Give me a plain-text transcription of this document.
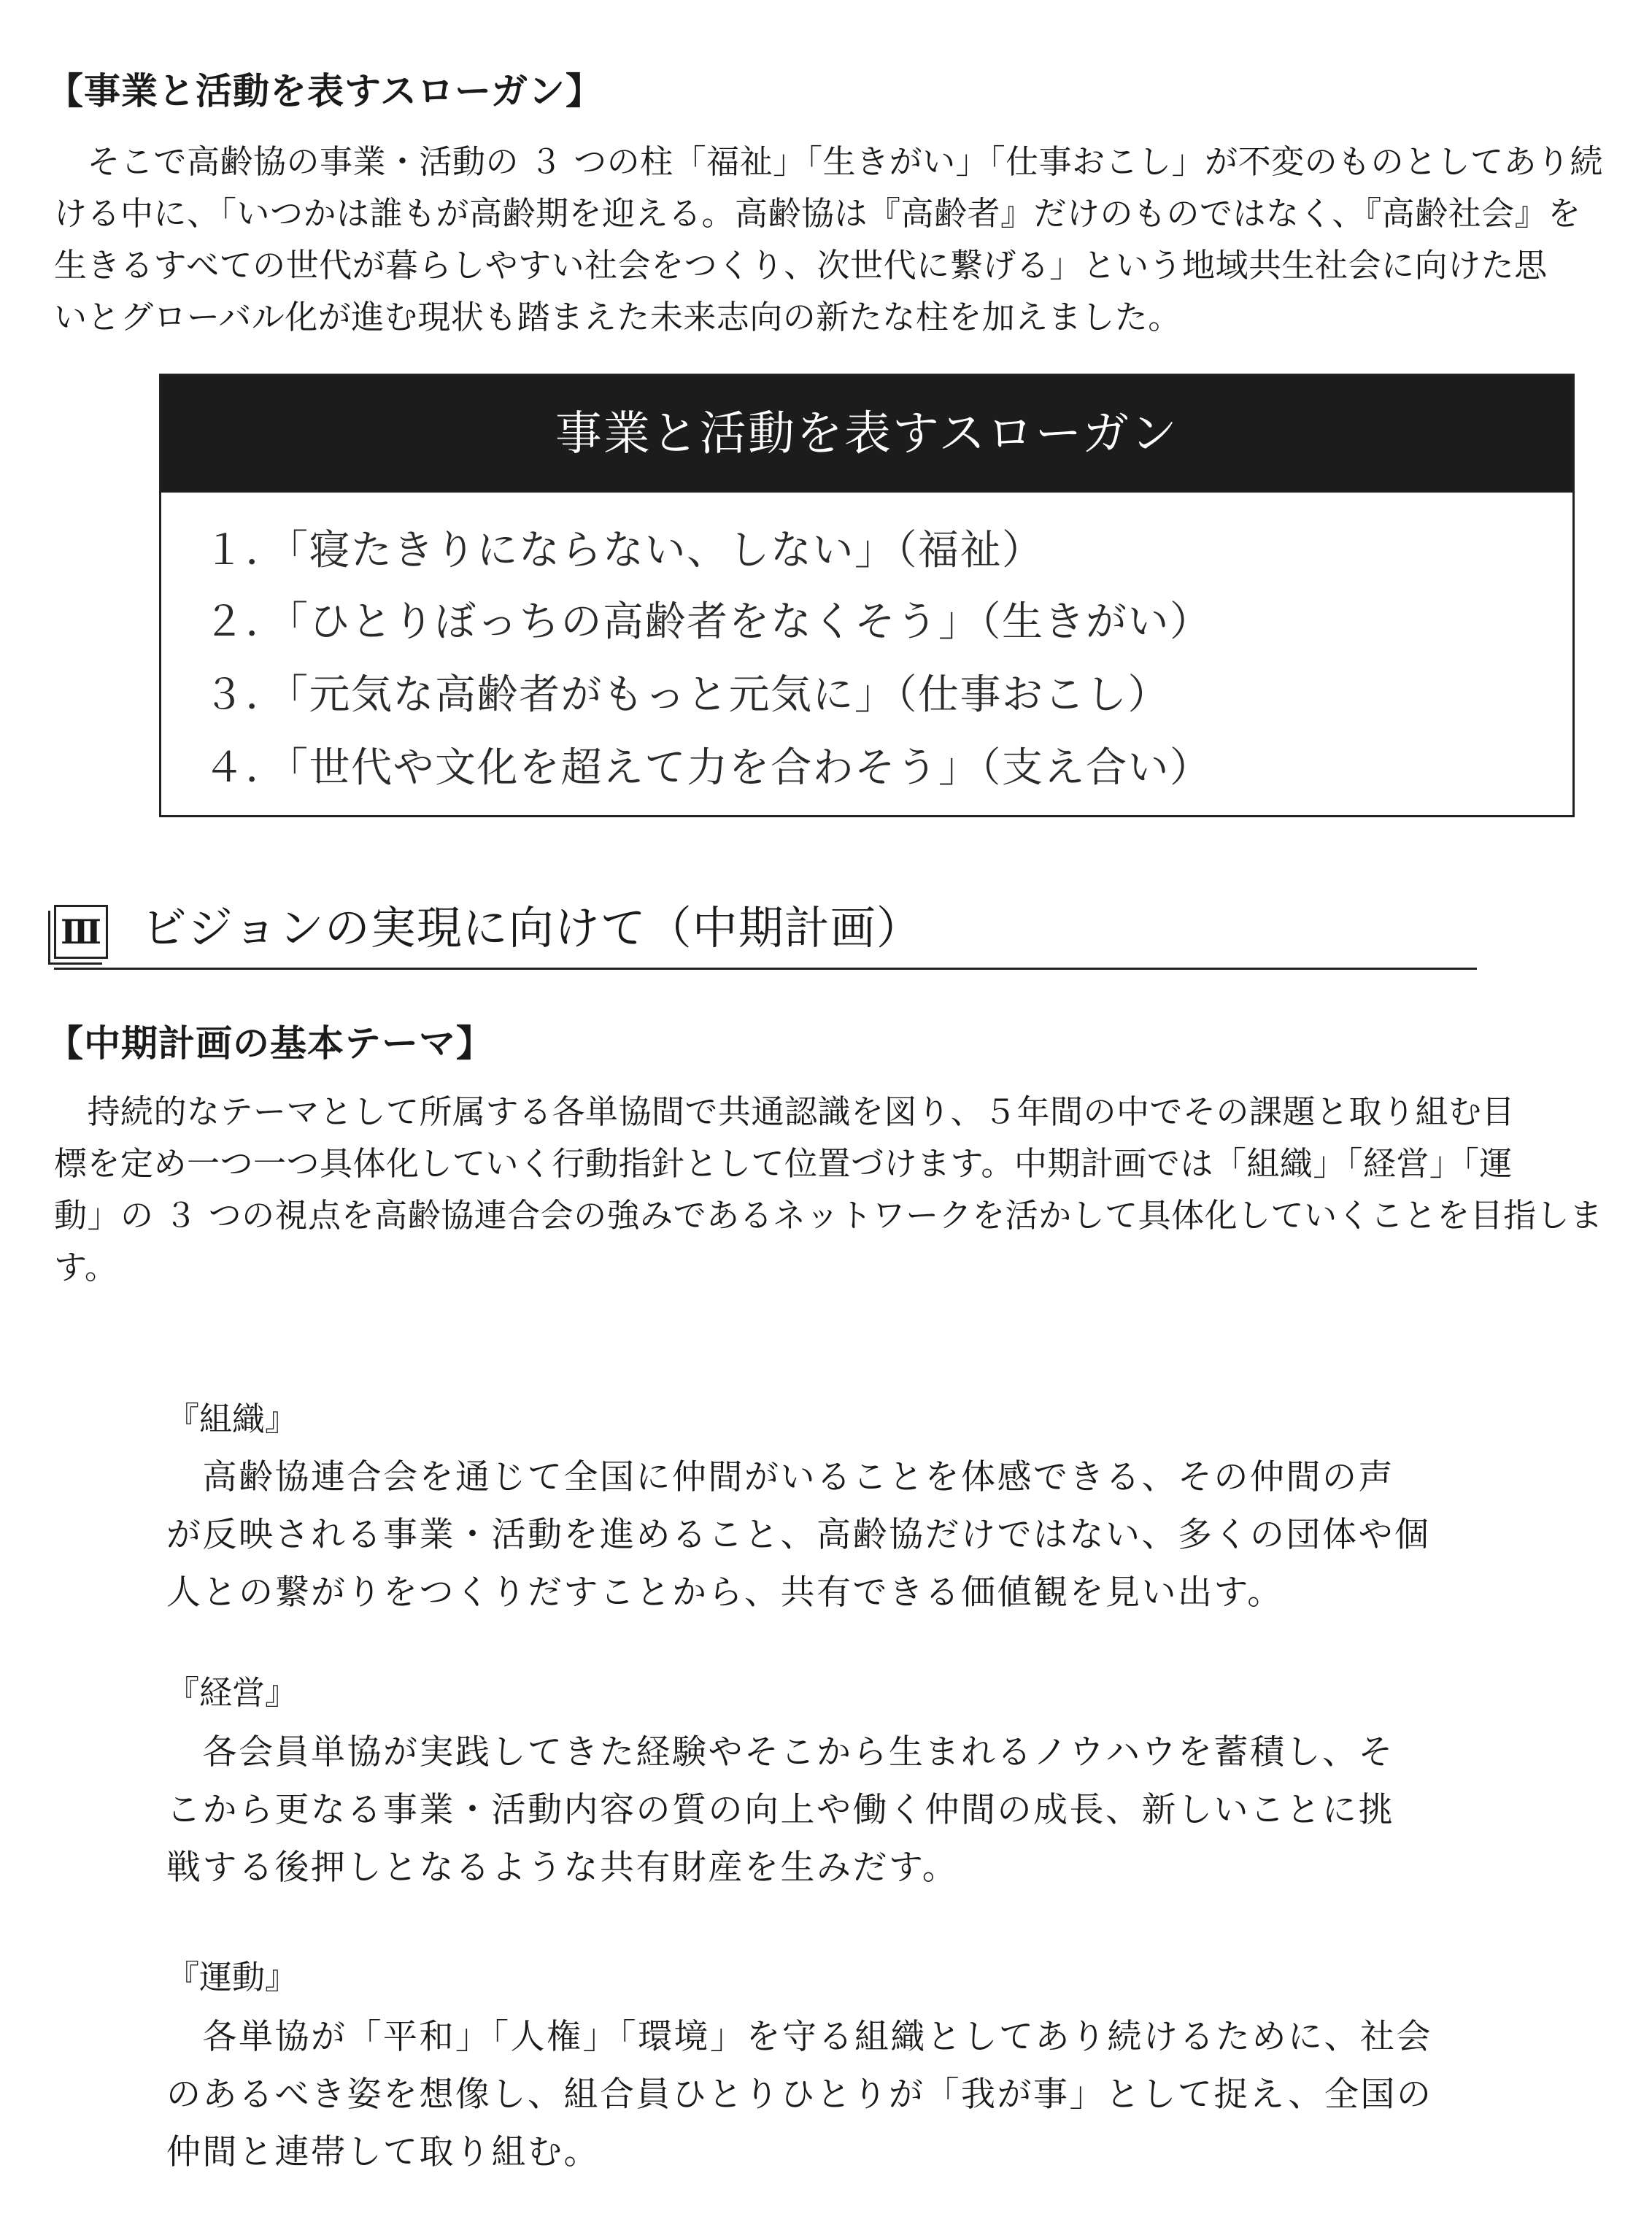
【事業と活動を表すスローガン】
　そこで高齢協の事業・活動の ３ つの柱「福祉」「生きがい」「仕事おこし」が不変のものとしてあり続
ける中に、「いつかは誰もが高齢期を迎える。高齢協は『高齢者』だけのものではなく、『高齢社会』を
生きるすべての世代が暮らしやすい社会をつくり、次世代に繋げる」という地域共生社会に向けた思
いとグローバル化が進む現状も踏まえた未来志向の新たな柱を加えました。
事業と活動を表すスローガン
１．「寝たきりにならない、しない」（福祉）
２．「ひとりぼっちの高齢者をなくそう」（生きがい）
３．「元気な高齢者がもっと元気に」（仕事おこし）
４．「世代や文化を超えて力を合わそう」（支え合い）
Ⅲ ビジョンの実現に向けて（中期計画）
【中期計画の基本テーマ】
　持続的なテーマとして所属する各単協間で共通認識を図り、５年間の中でその課題と取り組む目
標を定め一つ一つ具体化していく行動指針として位置づけます。中期計画では「組織」「経営」「運
動」の ３ つの視点を高齢協連合会の強みであるネットワークを活かして具体化していくことを目指しま
す。
『組織』
　高齢協連合会を通じて全国に仲間がいることを体感できる、その仲間の声
が反映される事業・活動を進めること、高齢協だけではない、多くの団体や個
人との繋がりをつくりだすことから、共有できる価値観を見い出す。
『経営』
　各会員単協が実践してきた経験やそこから生まれるノウハウを蓄積し、そ
こから更なる事業・活動内容の質の向上や働く仲間の成長、新しいことに挑
戦する後押しとなるような共有財産を生みだす。
『運動』
　各単協が「平和」「人権」「環境」を守る組織としてあり続けるために、社会
のあるべき姿を想像し、組合員ひとりひとりが「我が事」として捉え、全国の
仲間と連帯して取り組む。
